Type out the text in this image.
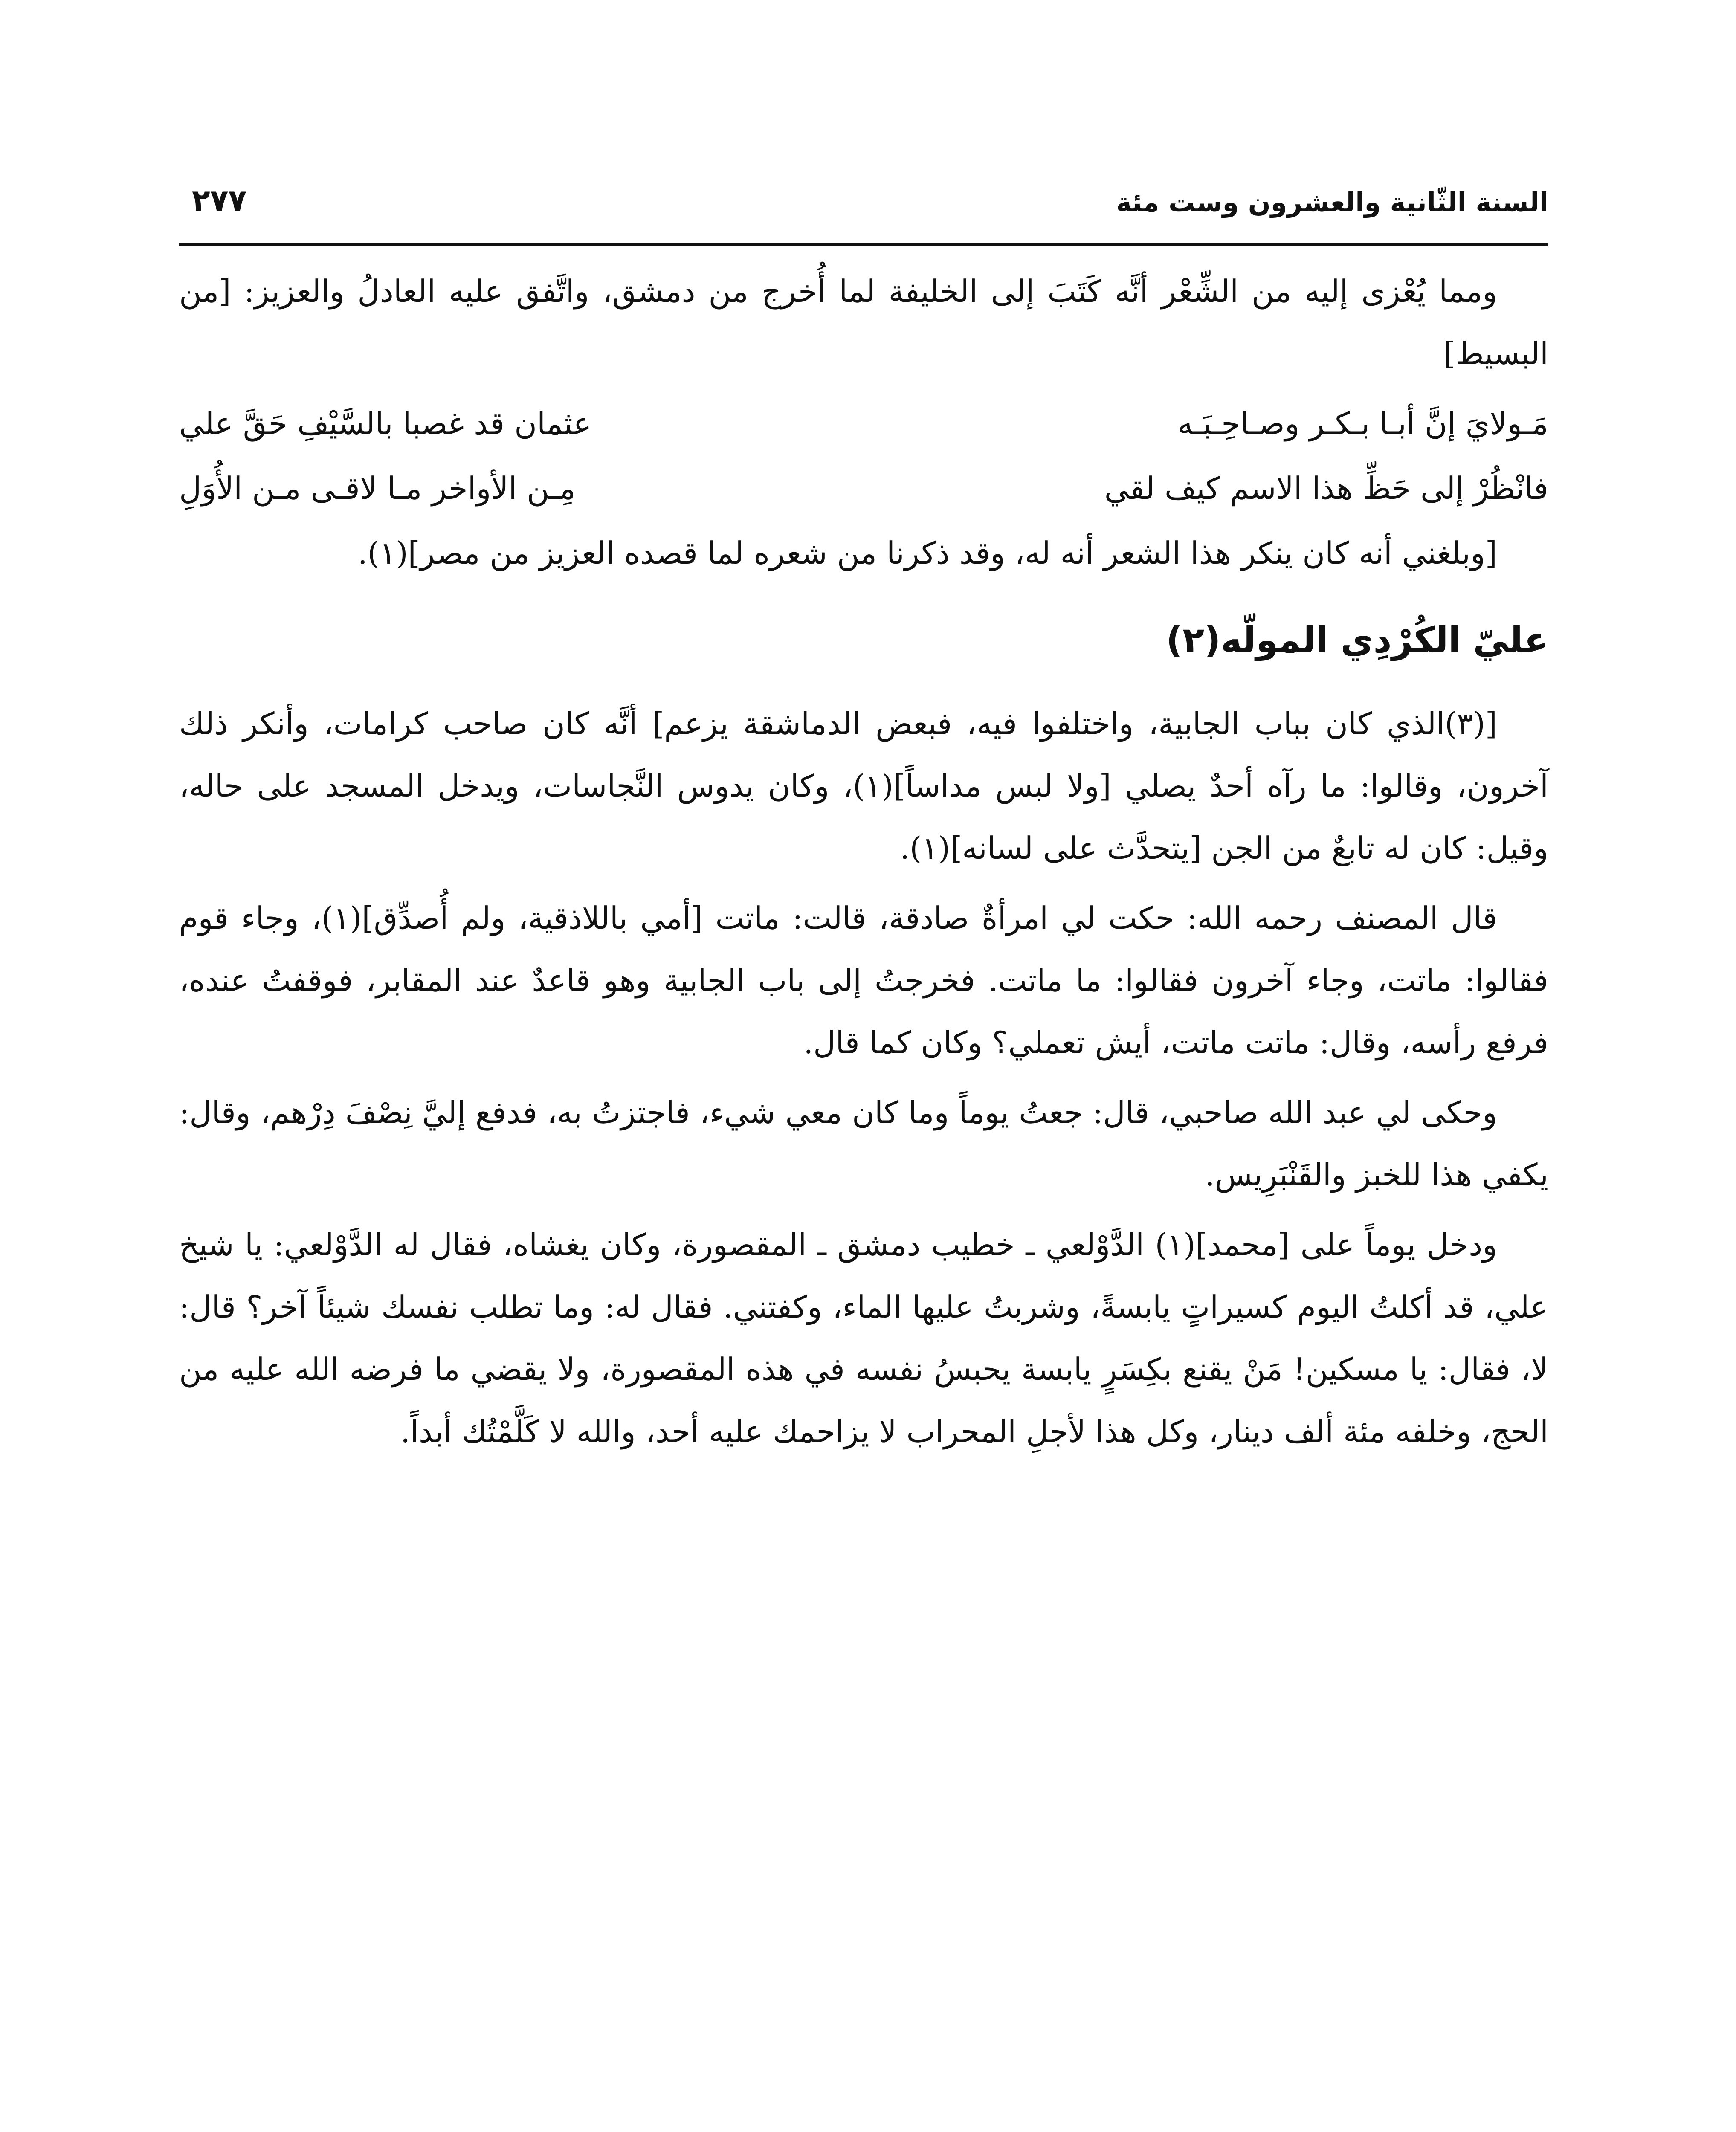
السنة الثّانية والعشرون وست مئة
٢٧٧

ومما يُعْزى إليه من الشِّعْر أنَّه كَتَبَ إلى الخليفة لما أُخرج من دمشق، واتَّفق عليه العادلُ والعزيز: [من البسيط]

مَـولايَ إنَّ أبـا بـكـر وصـاحِـبَـه
عثمان قد غصبا بالسَّيْفِ حَقَّ علي
فانْظُرْ إلى حَظِّ هذا الاسم كيف لقي
مِـن الأواخر مـا لاقـى مـن الأُوَلِ

[وبلغني أنه كان ينكر هذا الشعر أنه له، وقد ذكرنا من شعره لما قصده العزيز من مصر](١).

عليّ الكُرْدِي المولّه(٢)

[(٣)الذي كان بباب الجابية، واختلفوا فيه، فبعض الدماشقة يزعم] أنَّه كان صاحب كرامات، وأنكر ذلك آخرون، وقالوا: ما رآه أحدٌ يصلي [ولا لبس مداساً](١)، وكان يدوس النَّجاسات، ويدخل المسجد على حاله، وقيل: كان له تابعٌ من الجن [يتحدَّث على لسانه](١).

قال المصنف رحمه الله: حكت لي امرأةٌ صادقة، قالت: ماتت [أمي باللاذقية، ولم أُصدِّق](١)، وجاء قوم فقالوا: ماتت، وجاء آخرون فقالوا: ما ماتت. فخرجتُ إلى باب الجابية وهو قاعدٌ عند المقابر، فوقفتُ عنده، فرفع رأسه، وقال: ماتت ماتت، أيش تعملي؟ وكان كما قال.

وحكى لي عبد الله صاحبي، قال: جعتُ يوماً وما كان معي شيء، فاجتزتُ به، فدفع إليَّ نِصْفَ دِرْهم، وقال: يكفي هذا للخبز والقَنْبَرِيس.

ودخل يوماً على [محمد](١) الدَّوْلعي ـ خطيب دمشق ـ المقصورة، وكان يغشاه، فقال له الدَّوْلعي: يا شيخ علي، قد أكلتُ اليوم كسيراتٍ يابسةً، وشربتُ عليها الماء، وكفتني. فقال له: وما تطلب نفسك شيئاً آخر؟ قال: لا، فقال: يا مسكين! مَنْ يقنع بكِسَرٍ يابسة يحبسُ نفسه في هذه المقصورة، ولا يقضي ما فرضه الله عليه من الحج، وخلفه مئة ألف دينار، وكل هذا لأجلِ المحراب لا يزاحمك عليه أحد، والله لا كَلَّمْتُك أبداً.
